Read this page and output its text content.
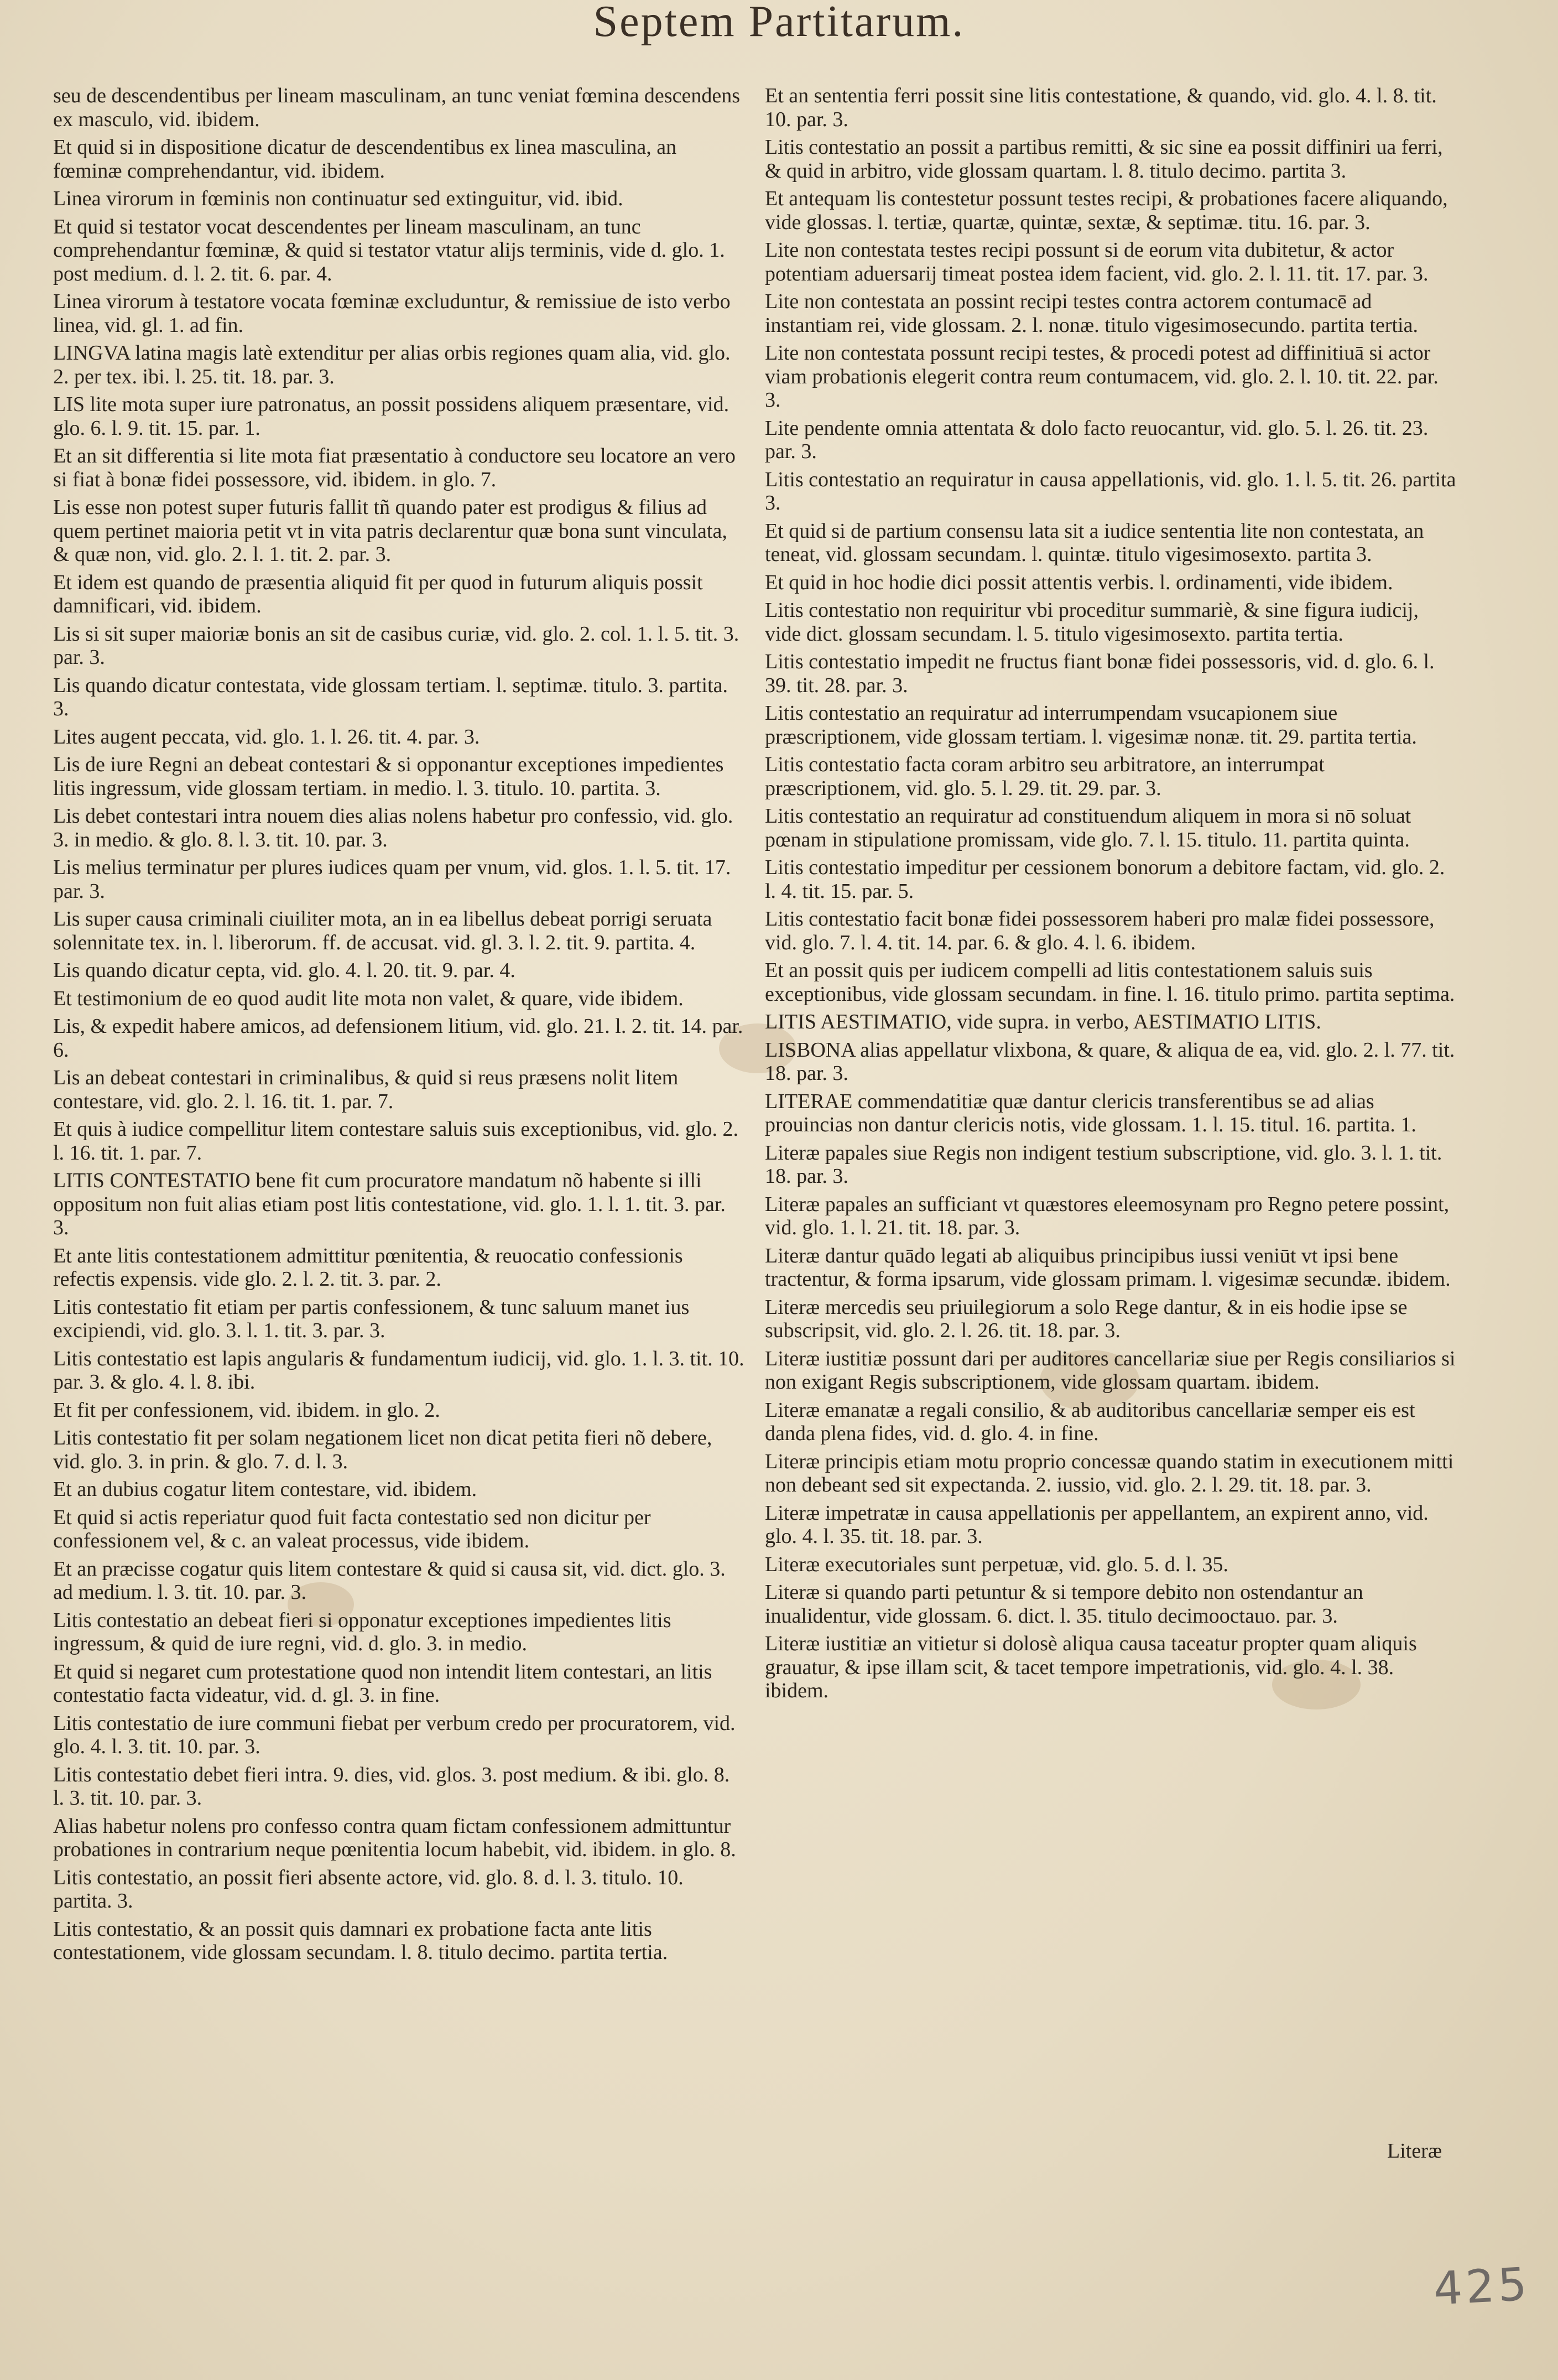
Septem Partitarum.

seu de descendentibus per lineam masculinam, an tunc veniat fœmina descendens ex masculo, vid. ibidem.

Et quid si in dispositione dicatur de descendentibus ex linea masculina, an fœminæ comprehendantur, vid. ibidem.

Linea virorum in fœminis non continuatur sed extinguitur, vid. ibid.

Et quid si testator vocat descendentes per lineam masculinam, an tunc comprehendantur fœminæ, & quid si testator vtatur alijs terminis, vide d. glo. 1. post medium. d. l. 2. tit. 6. par. 4.

Linea virorum à testatore vocata fœminæ excluduntur, & remissiue de isto verbo linea, vid. gl. 1. ad fin.

LINGVA latina magis latè extenditur per alias orbis regiones quam alia, vid. glo. 2. per tex. ibi. l. 25. tit. 18. par. 3.

LIS lite mota super iure patronatus, an possit possidens aliquem præsentare, vid. glo. 6. l. 9. tit. 15. par. 1.

Et an sit differentia si lite mota fiat præsentatio à conductore seu locatore an vero si fiat à bonæ fidei possessore, vid. ibidem. in glo. 7.

Lis esse non potest super futuris fallit tñ quando pater est prodigus & filius ad quem pertinet maioria petit vt in vita patris declarentur quæ bona sunt vinculata, & quæ non, vid. glo. 2. l. 1. tit. 2. par. 3.

Et idem est quando de præsentia aliquid fit per quod in futurum aliquis possit damnificari, vid. ibidem.

Lis si sit super maioriæ bonis an sit de casibus curiæ, vid. glo. 2. col. 1. l. 5. tit. 3. par. 3.

Lis quando dicatur contestata, vide glossam tertiam. l. septimæ. titulo. 3. partita. 3.

Lites augent peccata, vid. glo. 1. l. 26. tit. 4. par. 3.

Lis de iure Regni an debeat contestari & si opponantur exceptiones impedientes litis ingressum, vide glossam tertiam. in medio. l. 3. titulo. 10. partita. 3.

Lis debet contestari intra nouem dies alias nolens habetur pro confessio, vid. glo. 3. in medio. & glo. 8. l. 3. tit. 10. par. 3.

Lis melius terminatur per plures iudices quam per vnum, vid. glos. 1. l. 5. tit. 17. par. 3.

Lis super causa criminali ciuiliter mota, an in ea libellus debeat porrigi seruata solennitate tex. in. l. liberorum. ff. de accusat. vid. gl. 3. l. 2. tit. 9. partita. 4.

Lis quando dicatur cepta, vid. glo. 4. l. 20. tit. 9. par. 4.

Et testimonium de eo quod audit lite mota non valet, & quare, vide ibidem.

Lis, & expedit habere amicos, ad defensionem litium, vid. glo. 21. l. 2. tit. 14. par. 6.

Lis an debeat contestari in criminalibus, & quid si reus præsens nolit litem contestare, vid. glo. 2. l. 16. tit. 1. par. 7.

Et quis à iudice compellitur litem contestare saluis suis exceptionibus, vid. glo. 2. l. 16. tit. 1. par. 7.

LITIS CONTESTATIO bene fit cum procuratore mandatum nõ habente si illi oppositum non fuit alias etiam post litis contestatione, vid. glo. 1. l. 1. tit. 3. par. 3.

Et ante litis contestationem admittitur pœnitentia, & reuocatio confessionis refectis expensis. vide glo. 2. l. 2. tit. 3. par. 2.

Litis contestatio fit etiam per partis confessionem, & tunc saluum manet ius excipiendi, vid. glo. 3. l. 1. tit. 3. par. 3.

Litis contestatio est lapis angularis & fundamentum iudicij, vid. glo. 1. l. 3. tit. 10. par. 3. & glo. 4. l. 8. ibi.

Et fit per confessionem, vid. ibidem. in glo. 2.

Litis contestatio fit per solam negationem licet non dicat petita fieri nõ debere, vid. glo. 3. in prin. & glo. 7. d. l. 3.

Et an dubius cogatur litem contestare, vid. ibidem.

Et quid si actis reperiatur quod fuit facta contestatio sed non dicitur per confessionem vel, & c. an valeat processus, vide ibidem.

Et an præcisse cogatur quis litem contestare & quid si causa sit, vid. dict. glo. 3. ad medium. l. 3. tit. 10. par. 3.

Litis contestatio an debeat fieri si opponatur exceptiones impedientes litis ingressum, & quid de iure regni, vid. d. glo. 3. in medio.

Et quid si negaret cum protestatione quod non intendit litem contestari, an litis contestatio facta videatur, vid. d. gl. 3. in fine.

Litis contestatio de iure communi fiebat per verbum credo per procuratorem, vid. glo. 4. l. 3. tit. 10. par. 3.

Litis contestatio debet fieri intra. 9. dies, vid. glos. 3. post medium. & ibi. glo. 8. l. 3. tit. 10. par. 3.

Alias habetur nolens pro confesso contra quam fictam confessionem admittuntur probationes in contrarium neque pœnitentia locum habebit, vid. ibidem. in glo. 8.

Litis contestatio, an possit fieri absente actore, vid. glo. 8. d. l. 3. titulo. 10. partita. 3.

Litis contestatio, & an possit quis damnari ex probatione facta ante litis contestationem, vide glossam secundam. l. 8. titulo decimo. partita tertia.

Et an sententia ferri possit sine litis contestatione, & quando, vid. glo. 4. l. 8. tit. 10. par. 3.

Litis contestatio an possit a partibus remitti, & sic sine ea possit diffiniri ua ferri, & quid in arbitro, vide glossam quartam. l. 8. titulo decimo. partita 3.

Et antequam lis contestetur possunt testes recipi, & probationes facere aliquando, vide glossas. l. tertiæ, quartæ, quintæ, sextæ, & septimæ. titu. 16. par. 3.

Lite non contestata testes recipi possunt si de eorum vita dubitetur, & actor potentiam aduersarij timeat postea idem facient, vid. glo. 2. l. 11. tit. 17. par. 3.

Lite non contestata an possint recipi testes contra actorem contumacē ad instantiam rei, vide glossam. 2. l. nonæ. titulo vigesimosecundo. partita tertia.

Lite non contestata possunt recipi testes, & procedi potest ad diffinitiuā si actor viam probationis elegerit contra reum contumacem, vid. glo. 2. l. 10. tit. 22. par. 3.

Lite pendente omnia attentata & dolo facto reuocantur, vid. glo. 5. l. 26. tit. 23. par. 3.

Litis contestatio an requiratur in causa appellationis, vid. glo. 1. l. 5. tit. 26. partita 3.

Et quid si de partium consensu lata sit a iudice sententia lite non contestata, an teneat, vid. glossam secundam. l. quintæ. titulo vigesimosexto. partita 3.

Et quid in hoc hodie dici possit attentis verbis. l. ordinamenti, vide ibidem.

Litis contestatio non requiritur vbi proceditur summariè, & sine figura iudicij, vide dict. glossam secundam. l. 5. titulo vigesimosexto. partita tertia.

Litis contestatio impedit ne fructus fiant bonæ fidei possessoris, vid. d. glo. 6. l. 39. tit. 28. par. 3.

Litis contestatio an requiratur ad interrumpendam vsucapionem siue præscriptionem, vide glossam tertiam. l. vigesimæ nonæ. tit. 29. partita tertia.

Litis contestatio facta coram arbitro seu arbitratore, an interrumpat præscriptionem, vid. glo. 5. l. 29. tit. 29. par. 3.

Litis contestatio an requiratur ad constituendum aliquem in mora si nō soluat pœnam in stipulatione promissam, vide glo. 7. l. 15. titulo. 11. partita quinta.

Litis contestatio impeditur per cessionem bonorum a debitore factam, vid. glo. 2. l. 4. tit. 15. par. 5.

Litis contestatio facit bonæ fidei possessorem haberi pro malæ fidei possessore, vid. glo. 7. l. 4. tit. 14. par. 6. & glo. 4. l. 6. ibidem.

Et an possit quis per iudicem compelli ad litis contestationem saluis suis exceptionibus, vide glossam secundam. in fine. l. 16. titulo primo. partita septima.

LITIS AESTIMATIO, vide supra. in verbo, AESTIMATIO LITIS.

LISBONA alias appellatur vlixbona, & quare, & aliqua de ea, vid. glo. 2. l. 77. tit. 18. par. 3.

LITERAE commendatitiæ quæ dantur clericis transferentibus se ad alias prouincias non dantur clericis notis, vide glossam. 1. l. 15. titul. 16. partita. 1.

Literæ papales siue Regis non indigent testium subscriptione, vid. glo. 3. l. 1. tit. 18. par. 3.

Literæ papales an sufficiant vt quæstores eleemosynam pro Regno petere possint, vid. glo. 1. l. 21. tit. 18. par. 3.

Literæ dantur quādo legati ab aliquibus principibus iussi veniūt vt ipsi bene tractentur, & forma ipsarum, vide glossam primam. l. vigesimæ secundæ. ibidem.

Literæ mercedis seu priuilegiorum a solo Rege dantur, & in eis hodie ipse se subscripsit, vid. glo. 2. l. 26. tit. 18. par. 3.

Literæ iustitiæ possunt dari per auditores cancellariæ siue per Regis consiliarios si non exigant Regis subscriptionem, vide glossam quartam. ibidem.

Literæ emanatæ a regali consilio, & ab auditoribus cancellariæ semper eis est danda plena fides, vid. d. glo. 4. in fine.

Literæ principis etiam motu proprio concessæ quando statim in executionem mitti non debeant sed sit expectanda. 2. iussio, vid. glo. 2. l. 29. tit. 18. par. 3.

Literæ impetratæ in causa appellationis per appellantem, an expirent anno, vid. glo. 4. l. 35. tit. 18. par. 3.

Literæ executoriales sunt perpetuæ, vid. glo. 5. d. l. 35.

Literæ si quando parti petuntur & si tempore debito non ostendantur an inualidentur, vide glossam. 6. dict. l. 35. titulo decimooctauo. par. 3.

Literæ iustitiæ an vitietur si dolosè aliqua causa taceatur propter quam aliquis grauatur, & ipse illam scit, & tacet tempore impetrationis, vid. glo. 4. l. 38. ibidem.

Literæ
425
